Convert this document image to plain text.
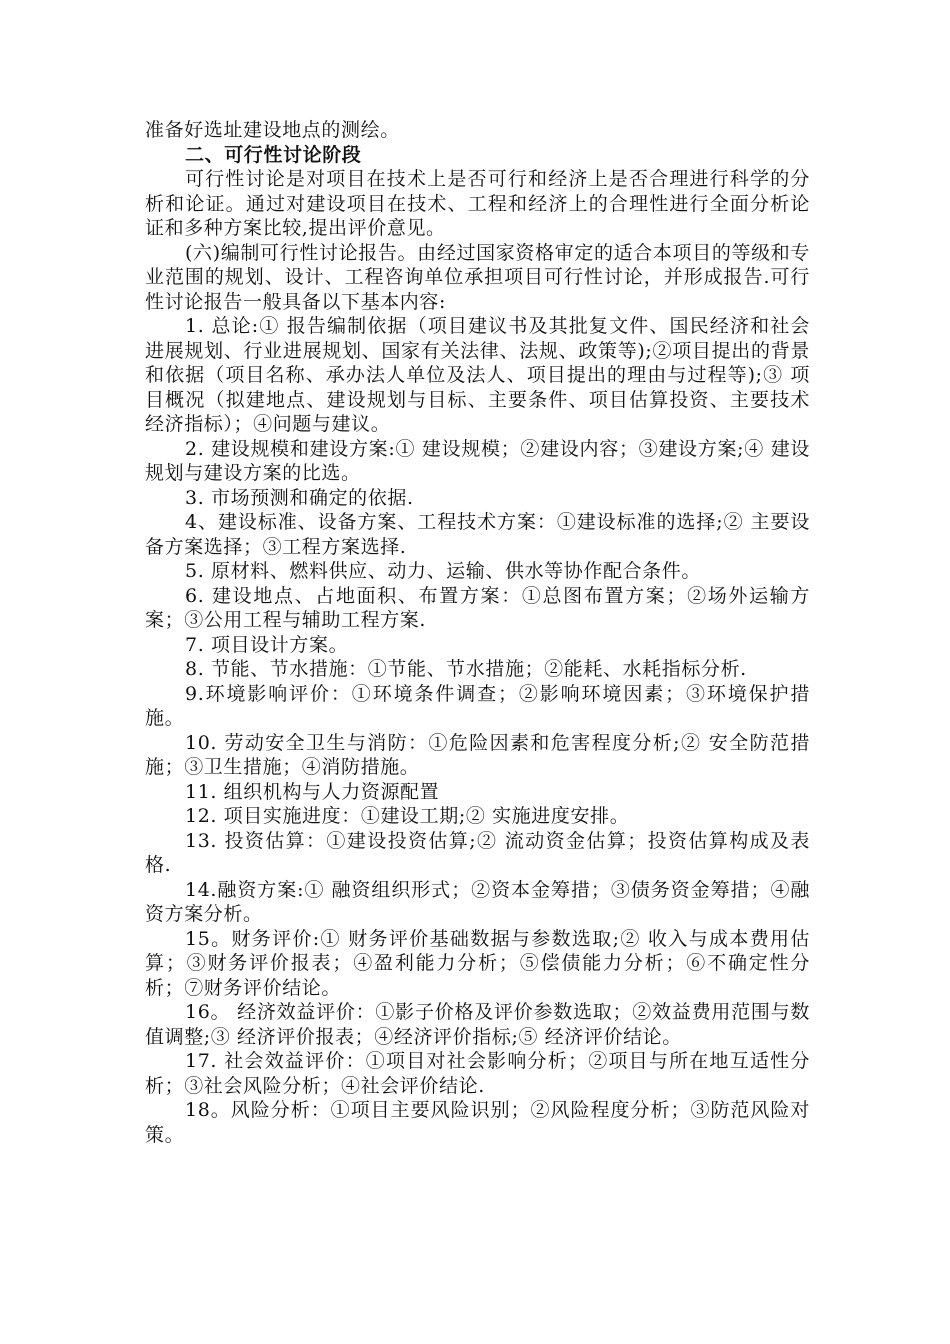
准备好选址建设地点的测绘。

二、可行性讨论阶段

可行性讨论是对项目在技术上是否可行和经济上是否合理进行科学的分析和论证。通过对建设项目在技术、工程和经济上的合理性进行全面分析论证和多种方案比较,提出评价意见。

(六)编制可行性讨论报告。由经过国家资格审定的适合本项目的等级和专业范围的规划、设计、工程咨询单位承担项目可行性讨论，并形成报告.可行性讨论报告一般具备以下基本内容:

1. 总论:① 报告编制依据（项目建议书及其批复文件、国民经济和社会进展规划、行业进展规划、国家有关法律、法规、政策等);②项目提出的背景和依据（项目名称、承办法人单位及法人、项目提出的理由与过程等);③ 项目概况（拟建地点、建设规划与目标、主要条件、项目估算投资、主要技术经济指标）；④问题与建议。

2. 建设规模和建设方案:① 建设规模；②建设内容；③建设方案;④ 建设规划与建设方案的比选。

3. 市场预测和确定的依据.

4、建设标准、设备方案、工程技术方案：①建设标准的选择;② 主要设备方案选择；③工程方案选择.

5. 原材料、燃料供应、动力、运输、供水等协作配合条件。

6. 建设地点、占地面积、布置方案：①总图布置方案；②场外运输方案；③公用工程与辅助工程方案.

7. 项目设计方案。

8. 节能、节水措施：①节能、节水措施；②能耗、水耗指标分析.

9.环境影响评价：①环境条件调查；②影响环境因素；③环境保护措施。

10. 劳动安全卫生与消防：①危险因素和危害程度分析;② 安全防范措施；③卫生措施；④消防措施。

11. 组织机构与人力资源配置

12. 项目实施进度：①建设工期;② 实施进度安排。

13. 投资估算：①建设投资估算;② 流动资金估算；投资估算构成及表格.

14.融资方案:① 融资组织形式；②资本金筹措；③债务资金筹措；④融资方案分析。

15。财务评价:① 财务评价基础数据与参数选取;② 收入与成本费用估算；③财务评价报表；④盈利能力分析；⑤偿债能力分析；⑥不确定性分析；⑦财务评价结论。

16。 经济效益评价：①影子价格及评价参数选取；②效益费用范围与数值调整;③ 经济评价报表；④经济评价指标;⑤ 经济评价结论。

17. 社会效益评价：①项目对社会影响分析；②项目与所在地互适性分析；③社会风险分析；④社会评价结论.

18。风险分析：①项目主要风险识别；②风险程度分析；③防范风险对策。
